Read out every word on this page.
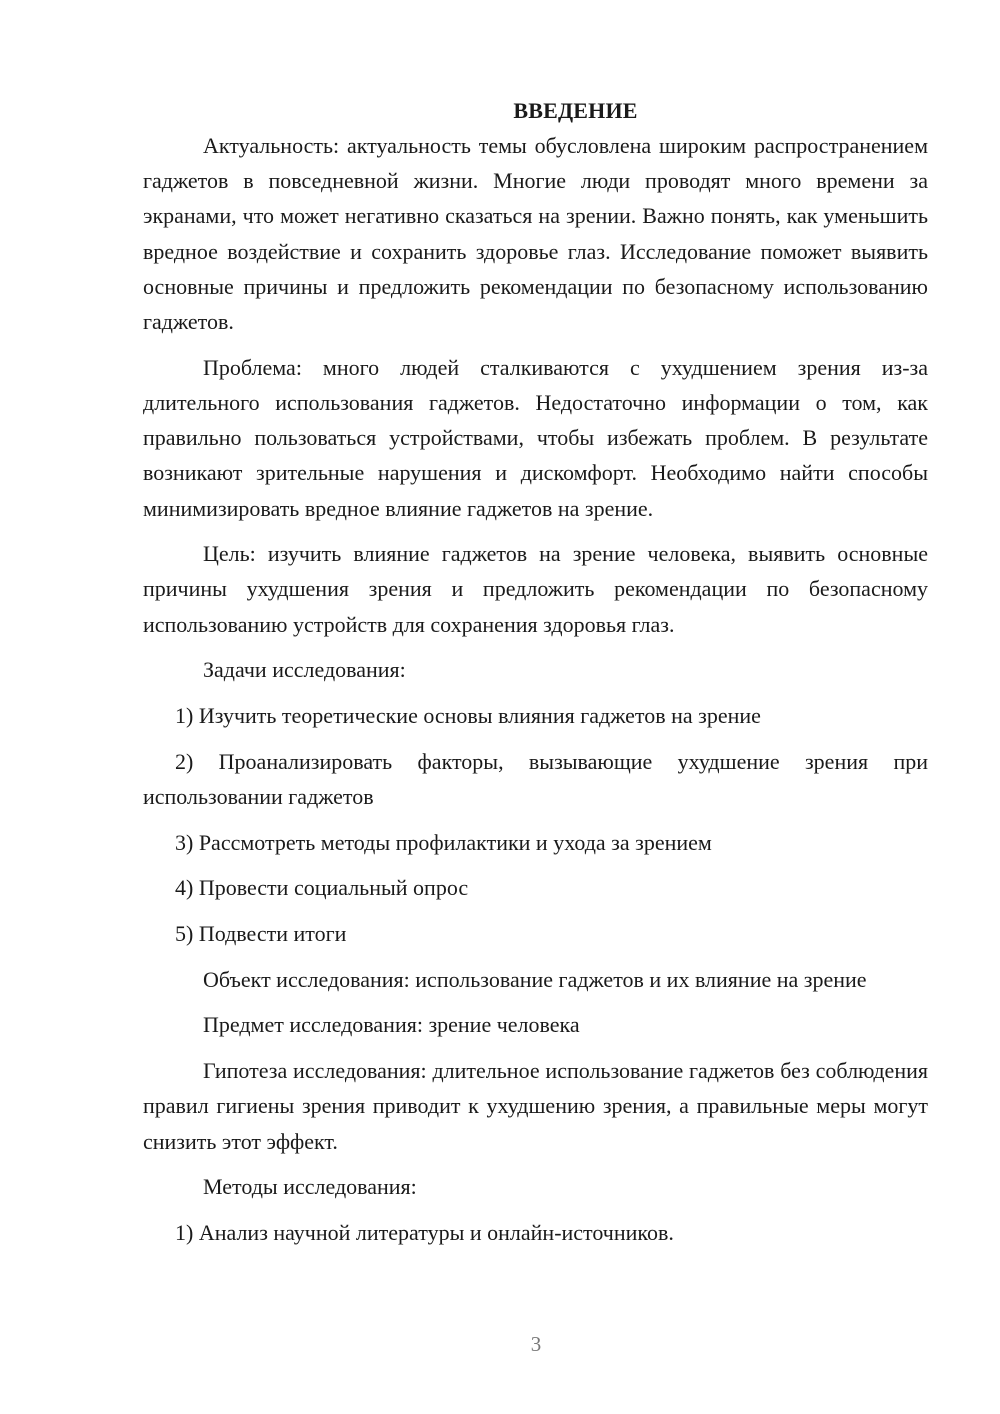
ВВЕДЕНИЕ

Актуальность: актуальность темы обусловлена широким распространением гаджетов в повседневной жизни. Многие люди проводят много времени за экранами, что может негативно сказаться на зрении. Важно понять, как уменьшить вредное воздействие и сохранить здоровье глаз. Исследование поможет выявить основные причины и предложить рекомендации по безопасному использованию гаджетов.

Проблема: много людей сталкиваются с ухудшением зрения из-за длительного использования гаджетов. Недостаточно информации о том, как правильно пользоваться устройствами, чтобы избежать проблем. В результате возникают зрительные нарушения и дискомфорт. Необходимо найти способы минимизировать вредное влияние гаджетов на зрение.

Цель: изучить влияние гаджетов на зрение человека, выявить основные причины ухудшения зрения и предложить рекомендации по безопасному использованию устройств для сохранения здоровья глаз.

Задачи исследования:

1) Изучить теоретические основы влияния гаджетов на зрение

2) Проанализировать факторы, вызывающие ухудшение зрения при использовании гаджетов

3) Рассмотреть методы профилактики и ухода за зрением

4) Провести социальный опрос

5) Подвести итоги

Объект исследования: использование гаджетов и их влияние на зрение

Предмет исследования: зрение человека

Гипотеза исследования: длительное использование гаджетов без соблюдения правил гигиены зрения приводит к ухудшению зрения, а правильные меры могут снизить этот эффект.

Методы исследования:

1) Анализ научной литературы и онлайн-источников.

3
